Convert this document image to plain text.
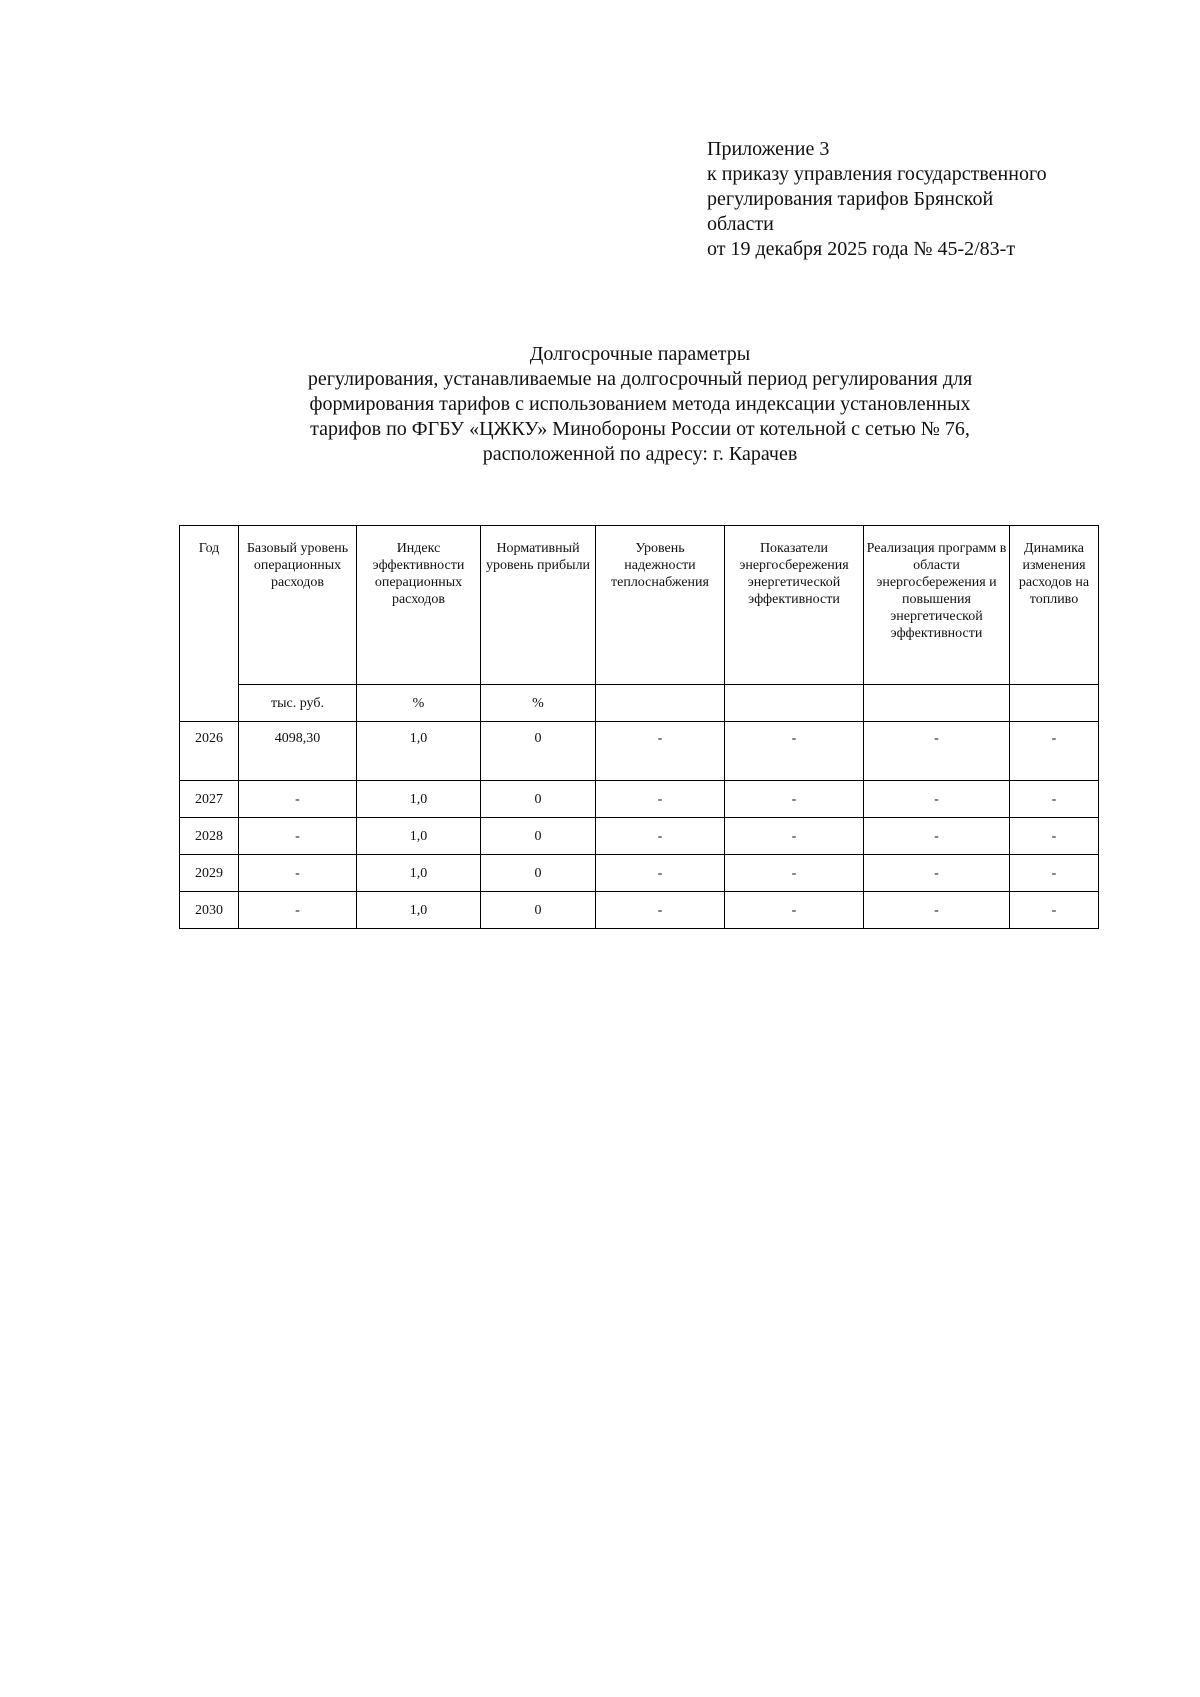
Приложение 3
к приказу управления государственного
регулирования тарифов Брянской
области
от 19 декабря 2025 года № 45-2/83-т
Долгосрочные параметры
регулирования, устанавливаемые на долгосрочный период регулирования для
формирования тарифов с использованием метода индексации установленных
тарифов по ФГБУ «ЦЖКУ» Минобороны России от котельной с сетью № 76,
расположенной по адресу: г. Карачев
Год	Базовый уровень операционных расходов	Индекс эффективности операционных расходов	Нормативный уровень прибыли	Уровень надежности теплоснабжения	Показатели энергосбережения энергетической эффективности	Реализация программ в области энергосбережения и повышения энергетической эффективности	Динамика изменения расходов на топливо
	тыс. руб.	%	%				
2026	4098,30	1,0	0	-	-	-	-
2027	-	1,0	0	-	-	-	-
2028	-	1,0	0	-	-	-	-
2029	-	1,0	0	-	-	-	-
2030	-	1,0	0	-	-	-	-
